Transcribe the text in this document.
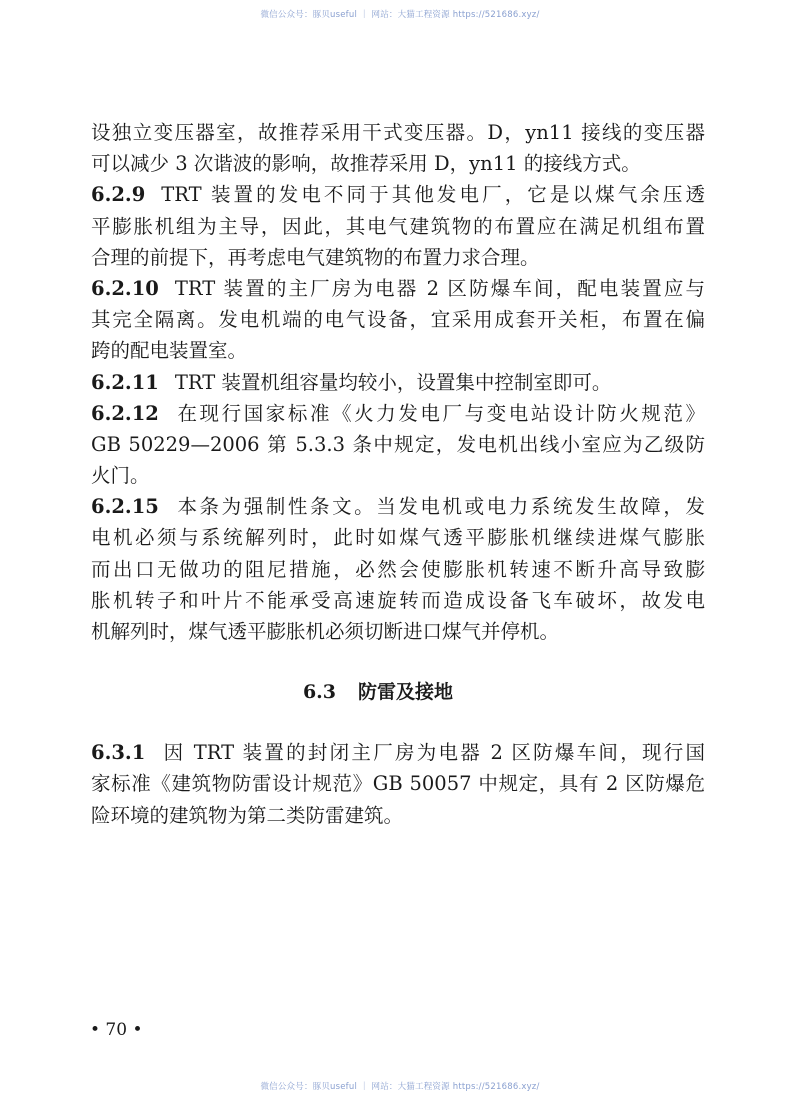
微信公众号：豚贝useful ｜ 网站：大猫工程资源 https://521686.xyz/
设独立变压器室，故推荐采用干式变压器。D，yn11 接线的变压器
可以减少 3 次谐波的影响，故推荐采用 D，yn11 的接线方式。
6.2.9 TRT 装置的发电不同于其他发电厂，它是以煤气余压透
平膨胀机组为主导，因此，其电气建筑物的布置应在满足机组布置
合理的前提下，再考虑电气建筑物的布置力求合理。
6.2.10 TRT 装置的主厂房为电器 2 区防爆车间，配电装置应与
其完全隔离。发电机端的电气设备，宜采用成套开关柜，布置在偏
跨的配电装置室。
6.2.11 TRT 装置机组容量均较小，设置集中控制室即可。
6.2.12 在现行国家标准《火力发电厂与变电站设计防火规范》
GB 50229—2006 第 5.3.3 条中规定，发电机出线小室应为乙级防
火门。
6.2.15 本条为强制性条文。当发电机或电力系统发生故障，发
电机必须与系统解列时，此时如煤气透平膨胀机继续进煤气膨胀
而出口无做功的阻尼措施，必然会使膨胀机转速不断升高导致膨
胀机转子和叶片不能承受高速旋转而造成设备飞车破坏，故发电
机解列时，煤气透平膨胀机必须切断进口煤气并停机。
6.3 防雷及接地
6.3.1 因 TRT 装置的封闭主厂房为电器 2 区防爆车间，现行国
家标准《建筑物防雷设计规范》GB 50057 中规定，具有 2 区防爆危
险环境的建筑物为第二类防雷建筑。
• 70 •
微信公众号：豚贝useful ｜ 网站：大猫工程资源 https://521686.xyz/
